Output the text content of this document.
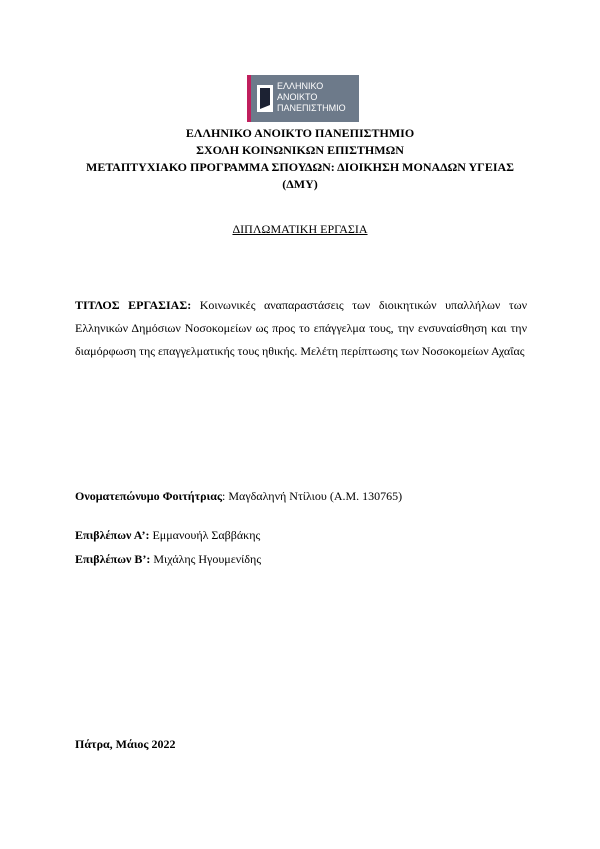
ΕΛΛΗΝΙΚΟ
ΑΝΟΙΚΤΟ
ΠΑΝΕΠΙΣΤΗΜΙΟ
ΕΛΛΗΝΙΚΟ ΑΝΟΙΚΤΟ ΠΑΝΕΠΙΣΤΗΜΙΟ
ΣΧΟΛΗ ΚΟΙΝΩΝΙΚΩΝ ΕΠΙΣΤΗΜΩΝ
ΜΕΤΑΠΤΥΧΙΑΚΟ ΠΡΟΓΡΑΜΜΑ ΣΠΟΥΔΩΝ: ΔΙΟΙΚΗΣΗ ΜΟΝΑΔΩΝ ΥΓΕΙΑΣ
(ΔΜΥ)
ΔΙΠΛΩΜΑΤΙΚΗ ΕΡΓΑΣΙΑ
ΤΙΤΛΟΣ ΕΡΓΑΣΙΑΣ: Κοινωνικές αναπαραστάσεις των διοικητικών υπαλλήλων των Ελληνικών Δημόσιων Νοσοκομείων ως προς το επάγγελμα τους, την ενσυναίσθηση και την διαμόρφωση της επαγγελματικής τους ηθικής. Μελέτη περίπτωσης των Νοσοκομείων Αχαΐας
Ονοματεπώνυμο Φοιτήτριας: Μαγδαληνή Ντίλιου (Α.Μ. 130765)
Επιβλέπων Α’: Εμμανουήλ Σαββάκης
Επιβλέπων Β’: Μιχάλης Ηγουμενίδης
Πάτρα, Μάιος 2022
